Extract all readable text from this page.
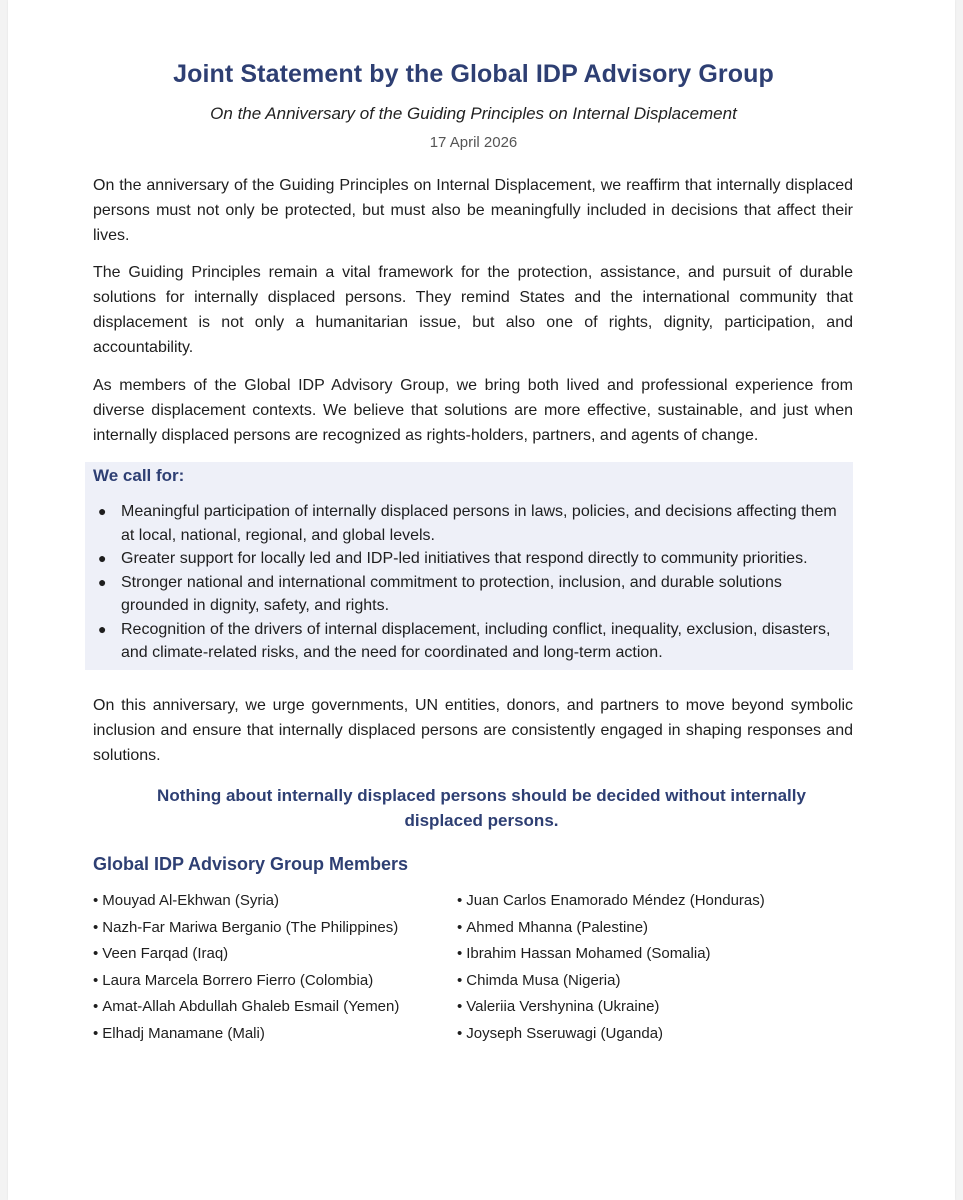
Joint Statement by the Global IDP Advisory Group
On the Anniversary of the Guiding Principles on Internal Displacement
17 April 2026
On the anniversary of the Guiding Principles on Internal Displacement, we reaffirm that internally displaced persons must not only be protected, but must also be meaningfully included in decisions that affect their lives.
The Guiding Principles remain a vital framework for the protection, assistance, and pursuit of durable solutions for internally displaced persons. They remind States and the international community that displacement is not only a humanitarian issue, but also one of rights, dignity, participation, and accountability.
As members of the Global IDP Advisory Group, we bring both lived and professional experience from diverse displacement contexts. We believe that solutions are more effective, sustainable, and just when internally displaced persons are recognized as rights-holders, partners, and agents of change.
We call for:
● Meaningful participation of internally displaced persons in laws, policies, and decisions affecting them at local, national, regional, and global levels.
● Greater support for locally led and IDP-led initiatives that respond directly to community priorities.
● Stronger national and international commitment to protection, inclusion, and durable solutions grounded in dignity, safety, and rights.
● Recognition of the drivers of internal displacement, including conflict, inequality, exclusion, disasters, and climate-related risks, and the need for coordinated and long-term action.
On this anniversary, we urge governments, UN entities, donors, and partners to move beyond symbolic inclusion and ensure that internally displaced persons are consistently engaged in shaping responses and solutions.
Nothing about internally displaced persons should be decided without internally displaced persons.
Global IDP Advisory Group Members
• Mouyad Al-Ekhwan (Syria)
• Nazh-Far Mariwa Berganio (The Philippines)
• Veen Farqad (Iraq)
• Laura Marcela Borrero Fierro (Colombia)
• Amat-Allah Abdullah Ghaleb Esmail (Yemen)
• Elhadj Manamane (Mali)
• Juan Carlos Enamorado Méndez (Honduras)
• Ahmed Mhanna (Palestine)
• Ibrahim Hassan Mohamed (Somalia)
• Chimda Musa (Nigeria)
• Valeriia Vershynina (Ukraine)
• Joyseph Sseruwagi (Uganda)
